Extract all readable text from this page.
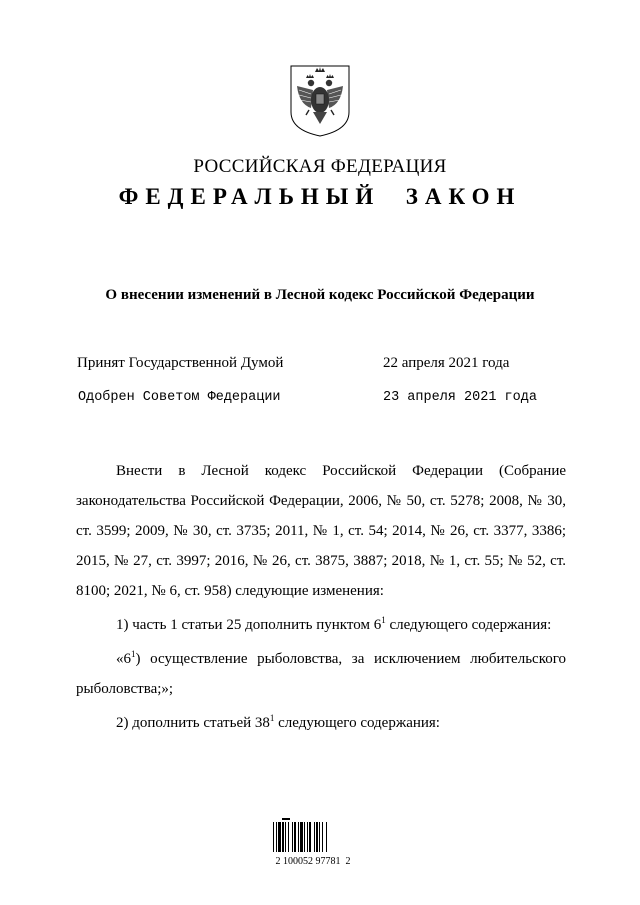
РОССИЙСКАЯ ФЕДЕРАЦИЯ
ФЕДЕРАЛЬНЫЙ  ЗАКОН
О внесении изменений в Лесной кодекс Российской Федерации
Принят Государственной Думой	22 апреля 2021 года
Одобрен Советом Федерации	23 апреля 2021 года

Внести в Лесной кодекс Российской Федерации (Собрание законодательства Российской Федерации, 2006, № 50, ст. 5278; 2008, № 30, ст. 3599; 2009, № 30, ст. 3735; 2011, № 1, ст. 54; 2014, № 26, ст. 3377, 3386; 2015, № 27, ст. 3997; 2016, № 26, ст. 3875, 3887; 2018, № 1, ст. 55; № 52, ст. 8100; 2021, № 6, ст. 958) следующие изменения:

1) часть 1 статьи 25 дополнить пунктом $6^1$ следующего содержания:

«$6^1$) осуществление рыболовства, за исключением любительского рыболовства;»;

2) дополнить статьей $38^1$ следующего содержания:

2 100052 97781  2
